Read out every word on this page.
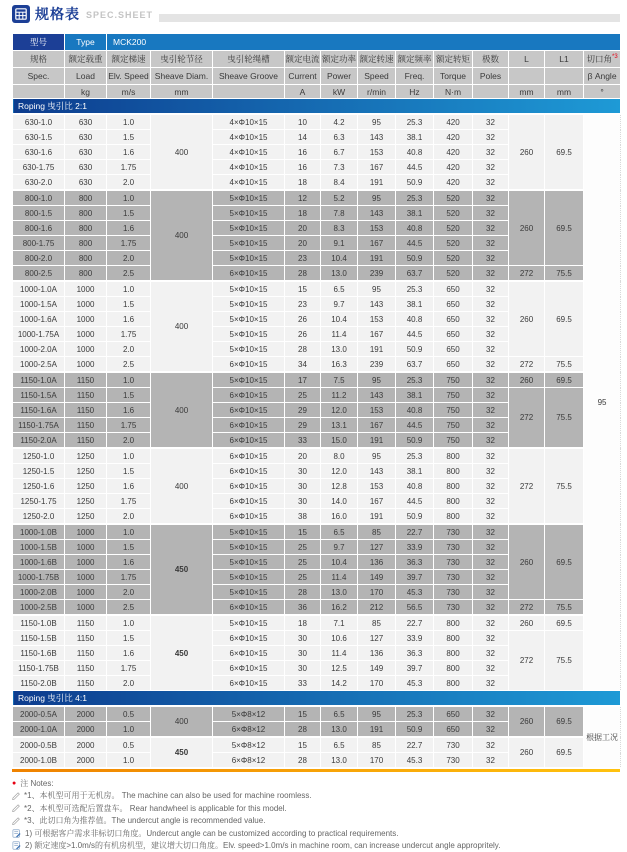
规格表 SPEC.SHEET
型号	Type	MCK200											
规格	额定载重	额定梯速	曳引轮节径	曳引轮绳槽	额定电流	额定功率	额定转速	额定频率	额定转矩	极数	L	L1	切口角$^{*3}$
Spec.	Load	Elv. Speed	Sheave Diam.	Sheave Groove	Current	Power	Speed	Freq.	Torque	Poles			β Angle
	kg	m/s	mm		A	kW	r/min	Hz	N·m		mm	mm	°
Roping 曳引比 2:1													
630-1.0	630	1.0	400	4×Φ10×15	10	4.2	95	25.3	420	32	260	69.5	95
630-1.5	630	1.5		4×Φ10×15	14	6.3	143	38.1	420	32			
630-1.6	630	1.6		4×Φ10×15	16	6.7	153	40.8	420	32			
630-1.75	630	1.75		4×Φ10×15	16	7.3	167	44.5	420	32			
630-2.0	630	2.0		4×Φ10×15	18	8.4	191	50.9	420	32			
800-1.0	800	1.0	400	5×Φ10×15	12	5.2	95	25.3	520	32	260	69.5	
800-1.5	800	1.5		5×Φ10×15	18	7.8	143	38.1	520	32			
800-1.6	800	1.6		5×Φ10×15	20	8.3	153	40.8	520	32			
800-1.75	800	1.75		5×Φ10×15	20	9.1	167	44.5	520	32			
800-2.0	800	2.0		5×Φ10×15	23	10.4	191	50.9	520	32			
800-2.5	800	2.5		6×Φ10×15	28	13.0	239	63.7	520	32	272	75.5	
1000-1.0A	1000	1.0	400	5×Φ10×15	15	6.5	95	25.3	650	32	260	69.5	
1000-1.5A	1000	1.5		5×Φ10×15	23	9.7	143	38.1	650	32			
1000-1.6A	1000	1.6		5×Φ10×15	26	10.4	153	40.8	650	32			
1000-1.75A	1000	1.75		5×Φ10×15	26	11.4	167	44.5	650	32			
1000-2.0A	1000	2.0		5×Φ10×15	28	13.0	191	50.9	650	32			
1000-2.5A	1000	2.5		6×Φ10×15	34	16.3	239	63.7	650	32	272	75.5	
1150-1.0A	1150	1.0	400	5×Φ10×15	17	7.5	95	25.3	750	32	260	69.5	
1150-1.5A	1150	1.5		6×Φ10×15	25	11.2	143	38.1	750	32	272	75.5	
1150-1.6A	1150	1.6		6×Φ10×15	29	12.0	153	40.8	750	32			
1150-1.75A	1150	1.75		6×Φ10×15	29	13.1	167	44.5	750	32			
1150-2.0A	1150	2.0		6×Φ10×15	33	15.0	191	50.9	750	32			
1250-1.0	1250	1.0	400	6×Φ10×15	20	8.0	95	25.3	800	32	272	75.5	
1250-1.5	1250	1.5		6×Φ10×15	30	12.0	143	38.1	800	32			
1250-1.6	1250	1.6		6×Φ10×15	30	12.8	153	40.8	800	32			
1250-1.75	1250	1.75		6×Φ10×15	30	14.0	167	44.5	800	32			
1250-2.0	1250	2.0		6×Φ10×15	38	16.0	191	50.9	800	32			
1000-1.0B	1000	1.0	450	5×Φ10×15	15	6.5	85	22.7	730	32	260	69.5	
1000-1.5B	1000	1.5		5×Φ10×15	25	9.7	127	33.9	730	32			
1000-1.6B	1000	1.6		5×Φ10×15	25	10.4	136	36.3	730	32			
1000-1.75B	1000	1.75		5×Φ10×15	25	11.4	149	39.7	730	32			
1000-2.0B	1000	2.0		5×Φ10×15	28	13.0	170	45.3	730	32			
1000-2.5B	1000	2.5		6×Φ10×15	36	16.2	212	56.5	730	32	272	75.5	
1150-1.0B	1150	1.0	450	5×Φ10×15	18	7.1	85	22.7	800	32	260	69.5	
1150-1.5B	1150	1.5		6×Φ10×15	30	10.6	127	33.9	800	32	272	75.5	
1150-1.6B	1150	1.6		6×Φ10×15	30	11.4	136	36.3	800	32			
1150-1.75B	1150	1.75		6×Φ10×15	30	12.5	149	39.7	800	32			
1150-2.0B	1150	2.0		6×Φ10×15	33	14.2	170	45.3	800	32			
Roping 曳引比 4:1													
2000-0.5A	2000	0.5	400	5×Φ8×12	15	6.5	95	25.3	650	32	260	69.5	根据工况
2000-1.0A	2000	1.0		6×Φ8×12	28	13.0	191	50.9	650	32			
2000-0.5B	2000	0.5	450	5×Φ8×12	15	6.5	85	22.7	730	32	260	69.5	
2000-1.0B	2000	1.0		6×Φ8×12	28	13.0	170	45.3	730	32			
● 注 Notes:
*1、本机型可用于无机房。 The machine can also be used for machine roomless.
*2、本机型可选配后置盘车。 Rear handwheel is applicable for this model.
*3、此切口角为推荐值。The undercut angle is recommended value.
1) 可根据客户需求非标切口角度。Undercut angle can be customized according to practical requirements.
2) 额定速度>1.0m/s的有机房机型，建议增大切口角度。Elv. speed>1.0m/s in machine room, can increase undercut angle appropritely.
